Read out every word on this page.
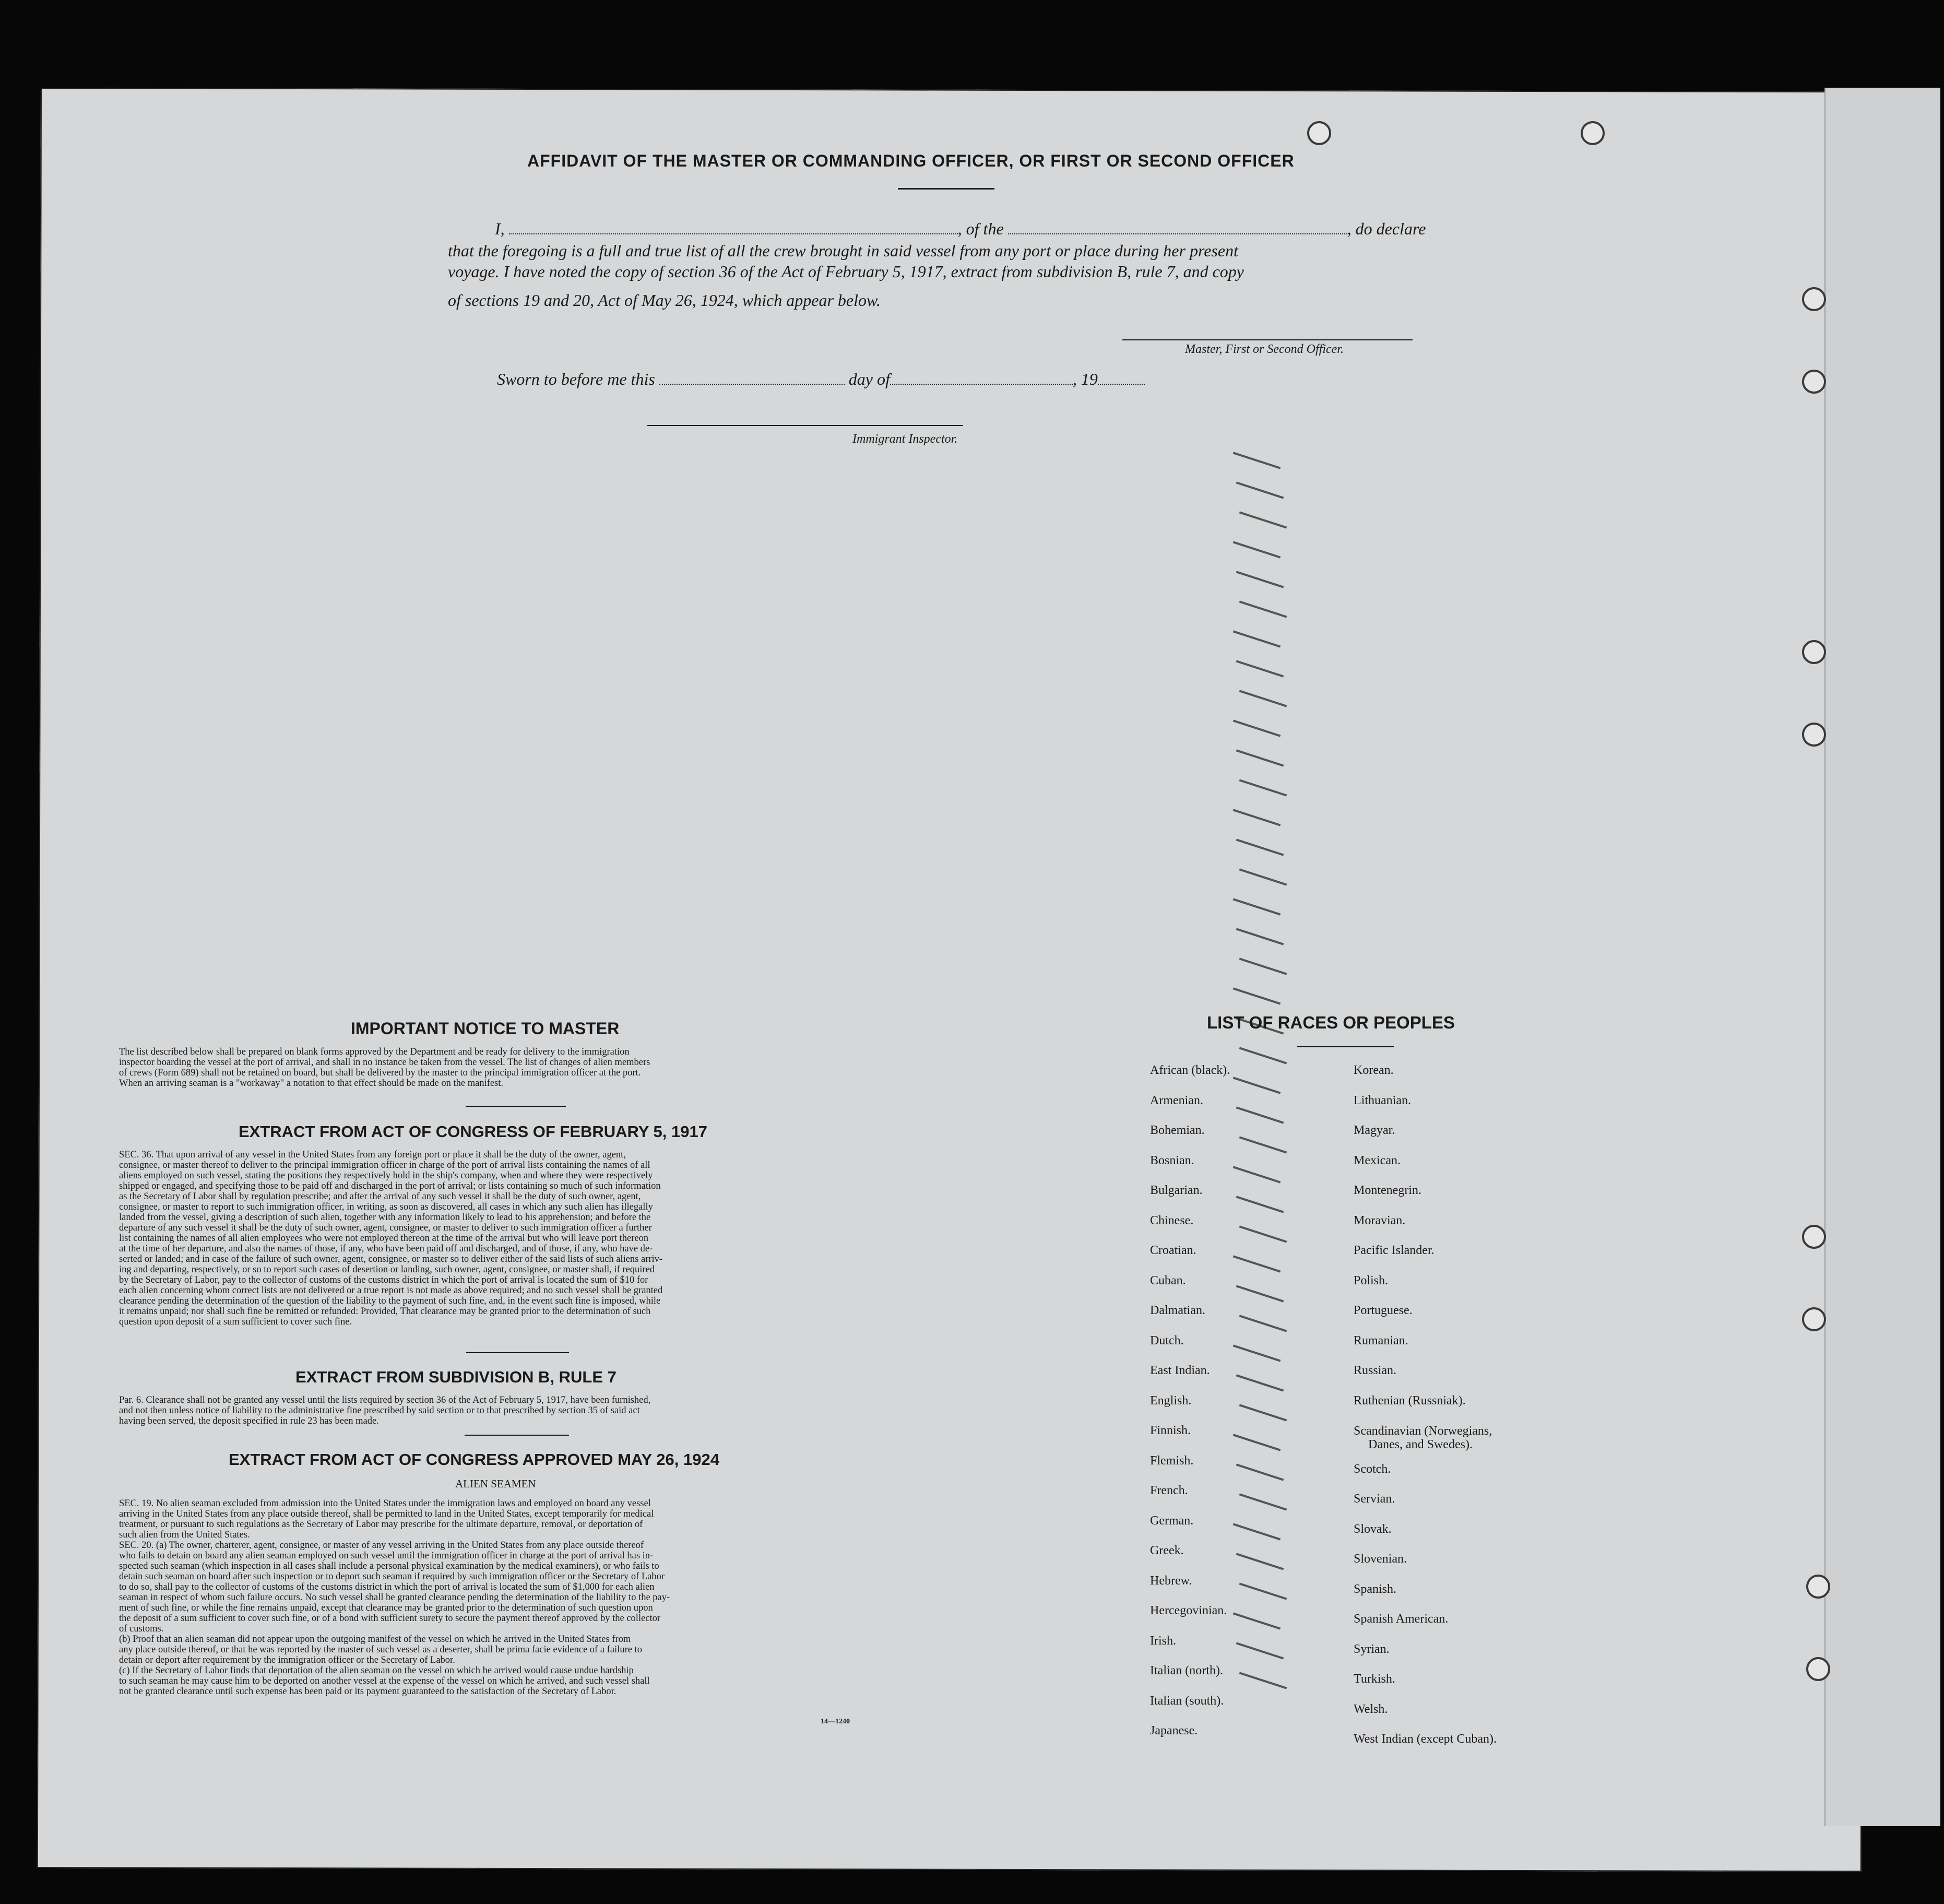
AFFIDAVIT OF THE MASTER OR COMMANDING OFFICER, OR FIRST OR SECOND OFFICER
I,	, of the	, do declare
that the foregoing is a full and true list of all the crew brought in said vessel from any port or place during her present
voyage. I have noted the copy of section 36 of the Act of February 5, 1917, extract from subdivision B, rule 7, and copy
of sections 19 and 20, Act of May 26, 1924, which appear below.
Master, First or Second Officer.
Sworn to before me this	day of	, 19
Immigrant Inspector.
IMPORTANT NOTICE TO MASTER
The list described below shall be prepared on blank forms approved by the Department and be ready for delivery to the immigration
inspector boarding the vessel at the port of arrival, and shall in no instance be taken from the vessel. The list of changes of alien members
of crews (Form 689) shall not be retained on board, but shall be delivered by the master to the principal immigration officer at the port.
When an arriving seaman is a "workaway" a notation to that effect should be made on the manifest.
EXTRACT FROM ACT OF CONGRESS OF FEBRUARY 5, 1917
SEC. 36. That upon arrival of any vessel in the United States from any foreign port or place it shall be the duty of the owner, agent,
consignee, or master thereof to deliver to the principal immigration officer in charge of the port of arrival lists containing the names of all
aliens employed on such vessel, stating the positions they respectively hold in the ship's company, when and where they were respectively
shipped or engaged, and specifying those to be paid off and discharged in the port of arrival; or lists containing so much of such information
as the Secretary of Labor shall by regulation prescribe; and after the arrival of any such vessel it shall be the duty of such owner, agent,
consignee, or master to report to such immigration officer, in writing, as soon as discovered, all cases in which any such alien has illegally
landed from the vessel, giving a description of such alien, together with any information likely to lead to his apprehension; and before the
departure of any such vessel it shall be the duty of such owner, agent, consignee, or master to deliver to such immigration officer a further
list containing the names of all alien employees who were not employed thereon at the time of the arrival but who will leave port thereon
at the time of her departure, and also the names of those, if any, who have been paid off and discharged, and of those, if any, who have de-
serted or landed; and in case of the failure of such owner, agent, consignee, or master so to deliver either of the said lists of such aliens arriv-
ing and departing, respectively, or so to report such cases of desertion or landing, such owner, agent, consignee, or master shall, if required
by the Secretary of Labor, pay to the collector of customs of the customs district in which the port of arrival is located the sum of $10 for
each alien concerning whom correct lists are not delivered or a true report is not made as above required; and no such vessel shall be granted
clearance pending the determination of the question of the liability to the payment of such fine, and, in the event such fine is imposed, while
it remains unpaid; nor shall such fine be remitted or refunded: Provided, That clearance may be granted prior to the determination of such
question upon deposit of a sum sufficient to cover such fine.
EXTRACT FROM SUBDIVISION B, RULE 7
Par. 6. Clearance shall not be granted any vessel until the lists required by section 36 of the Act of February 5, 1917, have been furnished,
and not then unless notice of liability to the administrative fine prescribed by said section or to that prescribed by section 35 of said act
having been served, the deposit specified in rule 23 has been made.
EXTRACT FROM ACT OF CONGRESS APPROVED MAY 26, 1924
ALIEN SEAMEN
SEC. 19. No alien seaman excluded from admission into the United States under the immigration laws and employed on board any vessel
arriving in the United States from any place outside thereof, shall be permitted to land in the United States, except temporarily for medical
treatment, or pursuant to such regulations as the Secretary of Labor may prescribe for the ultimate departure, removal, or deportation of
such alien from the United States.
SEC. 20. (a) The owner, charterer, agent, consignee, or master of any vessel arriving in the United States from any place outside thereof
who fails to detain on board any alien seaman employed on such vessel until the immigration officer in charge at the port of arrival has in-
spected such seaman (which inspection in all cases shall include a personal physical examination by the medical examiners), or who fails to
detain such seaman on board after such inspection or to deport such seaman if required by such immigration officer or the Secretary of Labor
to do so, shall pay to the collector of customs of the customs district in which the port of arrival is located the sum of $1,000 for each alien
seaman in respect of whom such failure occurs. No such vessel shall be granted clearance pending the determination of the liability to the pay-
ment of such fine, or while the fine remains unpaid, except that clearance may be granted prior to the determination of such question upon
the deposit of a sum sufficient to cover such fine, or of a bond with sufficient surety to secure the payment thereof approved by the collector
of customs.
(b) Proof that an alien seaman did not appear upon the outgoing manifest of the vessel on which he arrived in the United States from
any place outside thereof, or that he was reported by the master of such vessel as a deserter, shall be prima facie evidence of a failure to
detain or deport after requirement by the immigration officer or the Secretary of Labor.
(c) If the Secretary of Labor finds that deportation of the alien seaman on the vessel on which he arrived would cause undue hardship
to such seaman he may cause him to be deported on another vessel at the expense of the vessel on which he arrived, and such vessel shall
not be granted clearance until such expense has been paid or its payment guaranteed to the satisfaction of the Secretary of Labor.
14—1240
LIST OF RACES OR PEOPLES
African (black).
Armenian.
Bohemian.
Bosnian.
Bulgarian.
Chinese.
Croatian.
Cuban.
Dalmatian.
Dutch.
East Indian.
English.
Finnish.
Flemish.
French.
German.
Greek.
Hebrew.
Hercegovinian.
Irish.
Italian (north).
Italian (south).
Japanese.
Korean.
Lithuanian.
Magyar.
Mexican.
Montenegrin.
Moravian.
Pacific Islander.
Polish.
Portuguese.
Rumanian.
Russian.
Ruthenian (Russniak).
Scandinavian (Norwegians,
Danes, and Swedes).
Scotch.
Servian.
Slovak.
Slovenian.
Spanish.
Spanish American.
Syrian.
Turkish.
Welsh.
West Indian (except Cuban).
